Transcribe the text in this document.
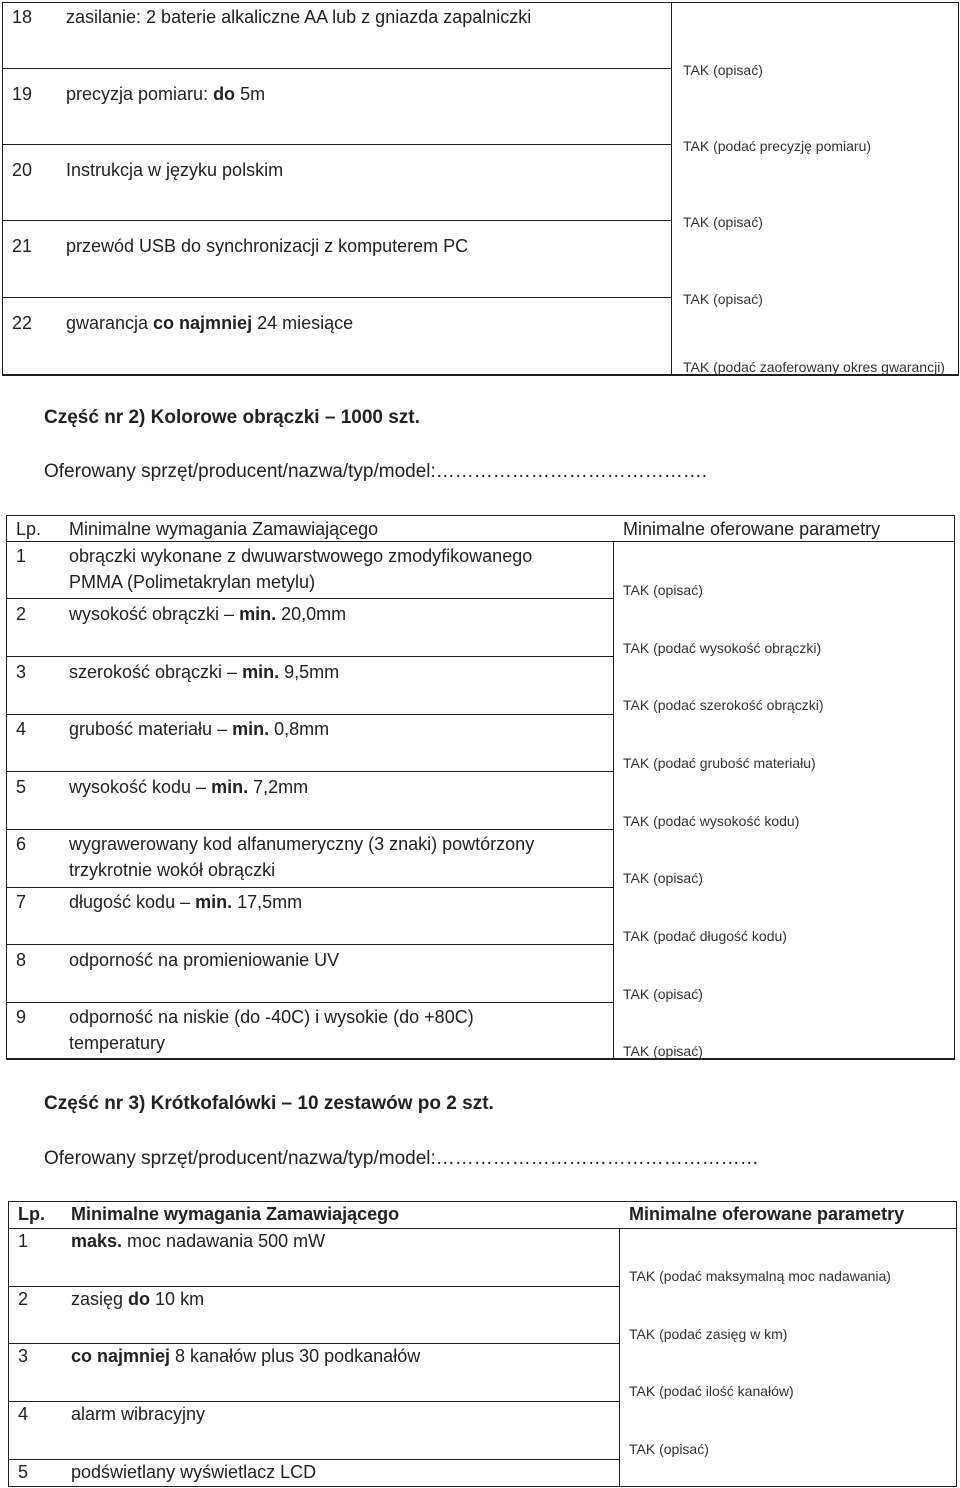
18 zasilanie: 2 baterie alkaliczne AA lub z gniazda zapalniczki
19 precyzja pomiaru: do 5m
20 Instrukcja w języku polskim
21 przewód USB do synchronizacji z komputerem PC
22 gwarancja co najmniej 24 miesiące
TAK (opisać)
TAK (podać precyzję pomiaru)
TAK (opisać)
TAK (opisać)
TAK (podać zaoferowany okres gwarancji)
Część nr 2) Kolorowe obrączki – 1000 szt.
Oferowany sprzęt/producent/nazwa/typ/model:…………………………………….
Lp. Minimalne wymagania Zamawiającego	Minimalne oferowane parametry
1 obrączki wykonane z dwuwarstwowego zmodyfikowanego
PMMA (Polimetakrylan metylu)
2 wysokość obrączki – min. 20,0mm
3 szerokość obrączki – min. 9,5mm
4 grubość materiału – min. 0,8mm
5 wysokość kodu – min. 7,2mm
6 wygrawerowany kod alfanumeryczny (3 znaki) powtórzony
trzykrotnie wokół obrączki
7 długość kodu – min. 17,5mm
8 odporność na promieniowanie UV
9 odporność na niskie (do -40C) i wysokie (do +80C)
temperatury
TAK (opisać)
TAK (podać wysokość obrączki)
TAK (podać szerokość obrączki)
TAK (podać grubość materiału)
TAK (podać wysokość kodu)
TAK (opisać)
TAK (podać długość kodu)
TAK (opisać)
TAK (opisać)
Część nr 3) Krótkofalówki – 10 zestawów po 2 szt.
Oferowany sprzęt/producent/nazwa/typ/model:……………………………………………
Lp. Minimalne wymagania Zamawiającego	Minimalne oferowane parametry
1 maks. moc nadawania 500 mW
2 zasięg do 10 km
3 co najmniej 8 kanałów plus 30 podkanałów
4 alarm wibracyjny
5 podświetlany wyświetlacz LCD
TAK (podać maksymalną moc nadawania)
TAK (podać zasięg w km)
TAK (podać ilość kanałów)
TAK (opisać)
